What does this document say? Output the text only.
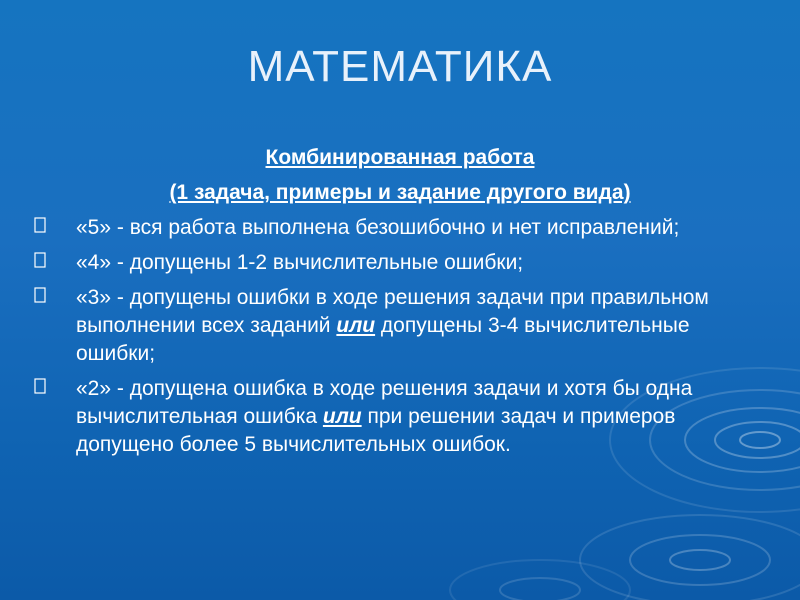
МАТЕМАТИКА
Комбинированная работа
(1 задача, примеры и задание другого вида)
«5» - вся работа выполнена безошибочно и нет исправлений;
«4» - допущены 1-2 вычислительные ошибки;
«3» - допущены ошибки в ходе решения задачи при правильном выполнении всех заданий или допущены 3-4 вычислительные ошибки;
«2» - допущена ошибка в ходе решения задачи и хотя бы одна вычислительная ошибка или при решении задач и примеров допущено более 5 вычислительных ошибок.
